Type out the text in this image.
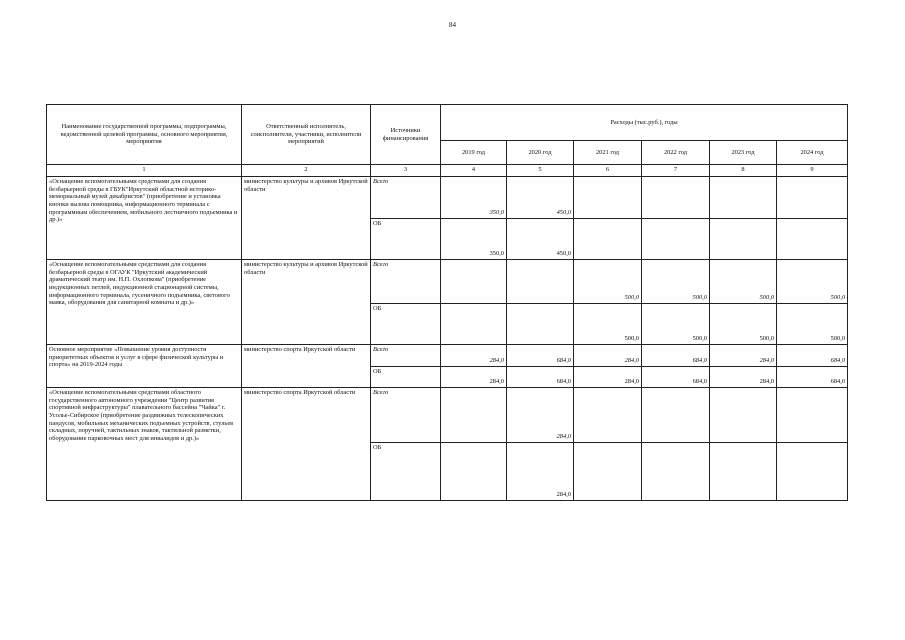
84
Наименование государственной программы, подпрограммы, ведомственной целевой программы, основного мероприятия, мероприятия	Ответственный исполнитель, соисполнители, участники, исполнители мероприятий	Источники финансирования	Расходы (тыс.руб.), годы					
			2019 год	2020 год	2021 год	2022 год	2023 год	2024 год
1	2	3	4	5	6	7	8	9
«Оснащение вспомогательными средствами для создания безбарьерной среды в ГБУК"Иркутский областной историко-мемориальный музей декабристов" (приобретение и установка кнопки вызова помощника, информационного терминала с программным обеспечением, мобильного лестничного подъемника и др.)»	министерство культуры и архивов Иркутской области	Всего	350,0	450,0				
		ОБ	350,0	450,0				
«Оснащение вспомогательными средствами для создания безбарьерной среды в ОГАУК "Иркутский академический драматический театр им. Н.П. Охлопкова" (приобретение индукционных петлей, индукционной стационарной системы, информационного терминала, гусеничного подъемника, светового маяка, оборудования для санитарной комнаты и др.)»	министерство культуры и архивов Иркутской области	Всего			500,0	500,0	500,0	500,0
		ОБ			500,0	500,0	500,0	500,0
Основное мероприятие «Повышение уровня доступности приоритетных объектов и услуг в сфере физической культуры и спорта» на 2019-2024 годы	министерство спорта Иркутской области	Всего	284,0	684,0	284,0	684,0	284,0	684,0
		ОБ	284,0	684,0	284,0	684,0	284,0	684,0
«Оснащение вспомогательными средствами областного государственного автономного учреждения "Центр развития спортивной инфраструктуры" плавательного бассейна "Чайка" г. Усолье-Сибирское (приобретение раздвижных телескопических пандусов, мобильных механических подъемных устройств, стульев складных, поручней, тактильных знаков, тактильной разметки, оборудование парковочных мест для инвалидов и др.)»	министерство спорта Иркутской области	Всего		284,0				
		ОБ		284,0				
